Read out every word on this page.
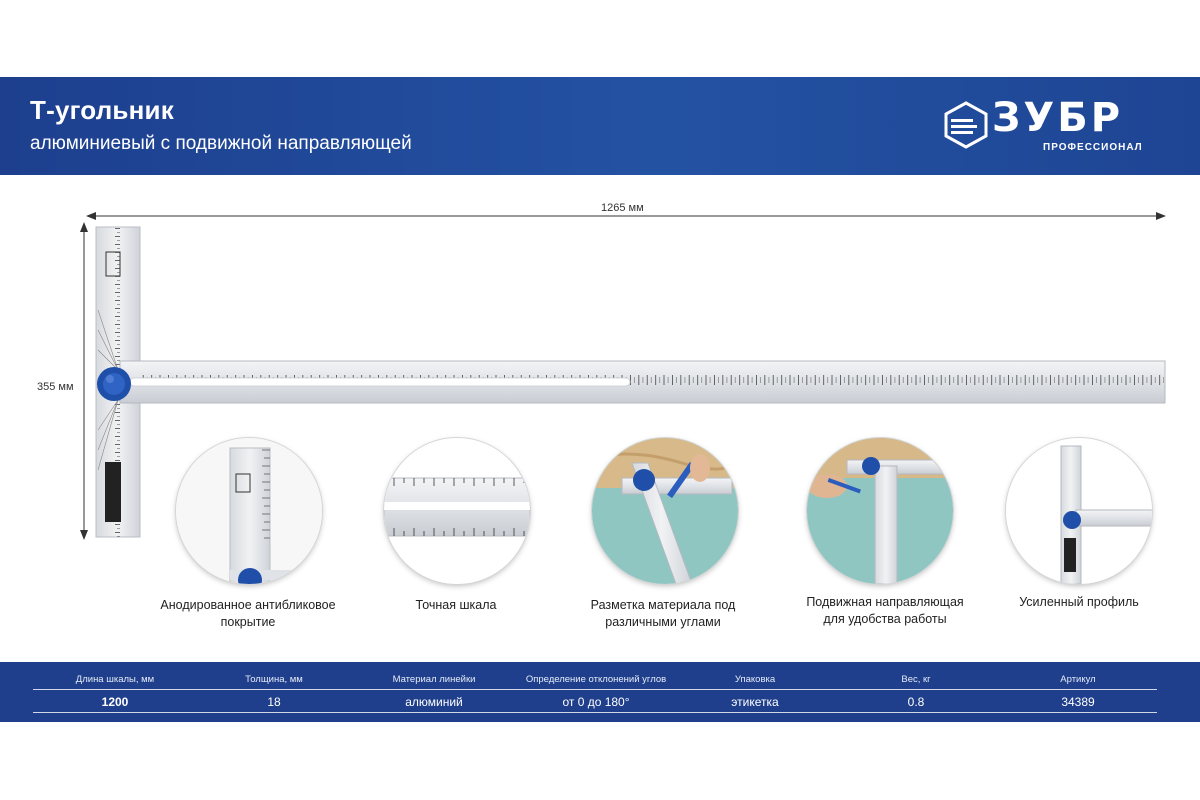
Т-угольник
алюминиевый с подвижной направляющей
ЗУБР
ПРОФЕССИОНАЛ
1265 мм
355 мм
Анодированное антибликовое покрытие
Точная шкала	Разметка материала под различными углами
Подвижная направляющая для удобства работы
Усиленный профиль
Длина шкалы, мм	Толщина, мм	Материал линейки	Определение отклонений углов	Упаковка	Вес, кг	Артикул
1200	18	алюминий	от 0 до 180°	этикетка	0.8	34389
